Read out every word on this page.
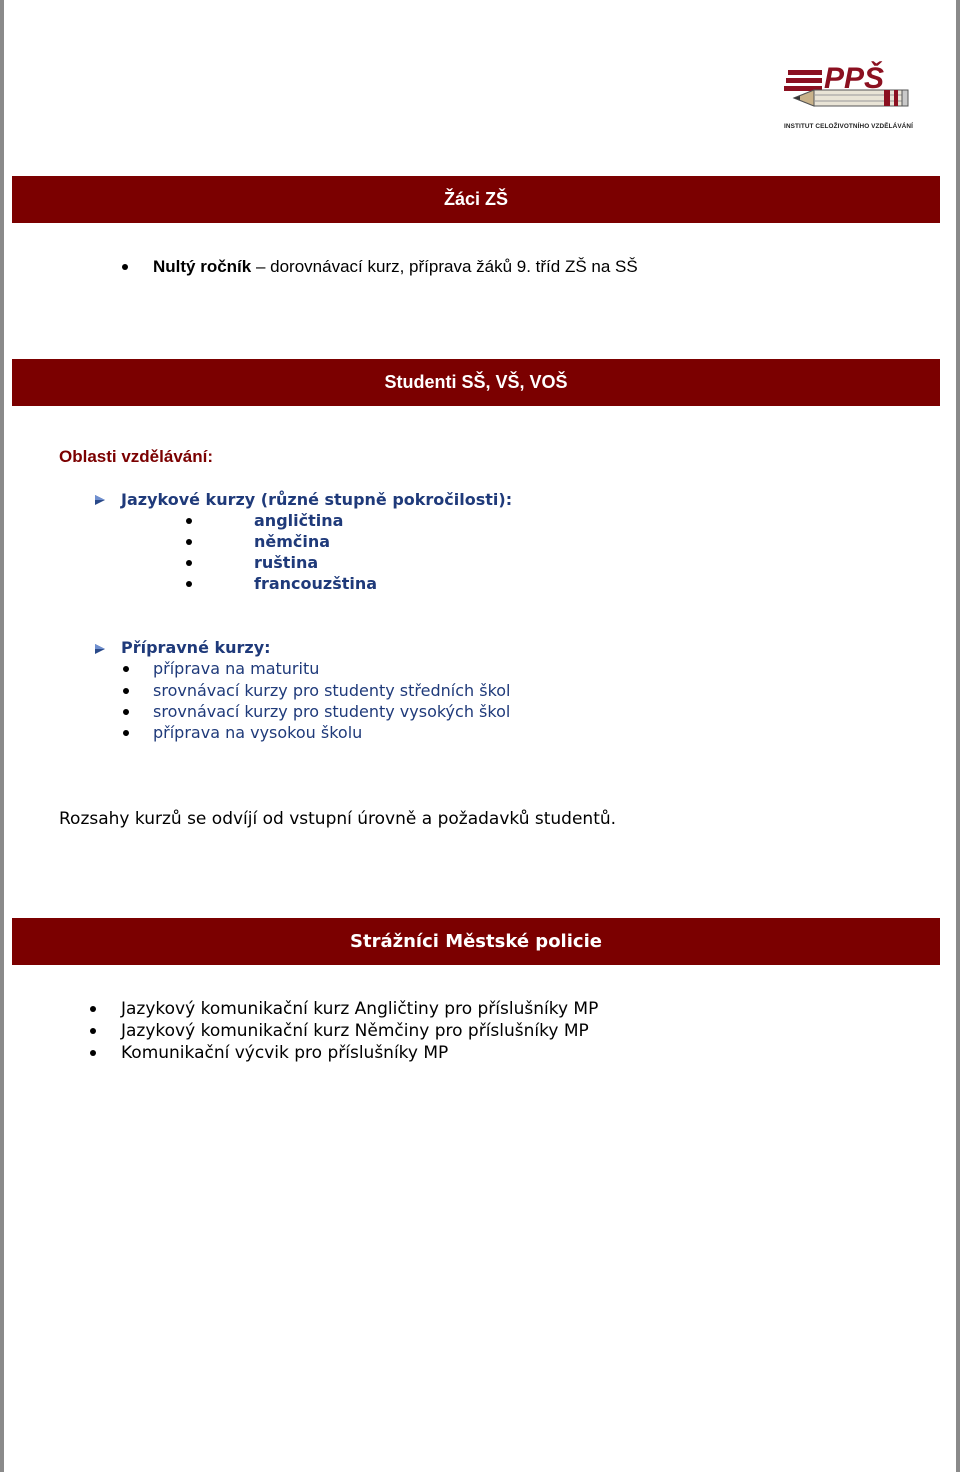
PPŠ
INSTITUT CELOŽIVOTNÍHO VZDĚLÁVÁNÍ
Žáci ZŠ
Nultý ročník – dorovnávací kurz, příprava žáků 9. tříd ZŠ na SŠ
Studenti SŠ, VŠ, VOŠ
Oblasti vzdělávání:
Jazykové kurzy (různé stupně pokročilosti):
angličtina
němčina
ruština
francouzština
Přípravné kurzy:
příprava na maturitu
srovnávací kurzy pro studenty středních škol
srovnávací kurzy pro studenty vysokých škol
příprava na vysokou školu
Rozsahy kurzů se odvíjí od vstupní úrovně a požadavků studentů.
Strážníci Městské policie
Jazykový komunikační kurz Angličtiny pro příslušníky MP
Jazykový komunikační kurz Němčiny pro příslušníky MP
Komunikační výcvik pro příslušníky MP
